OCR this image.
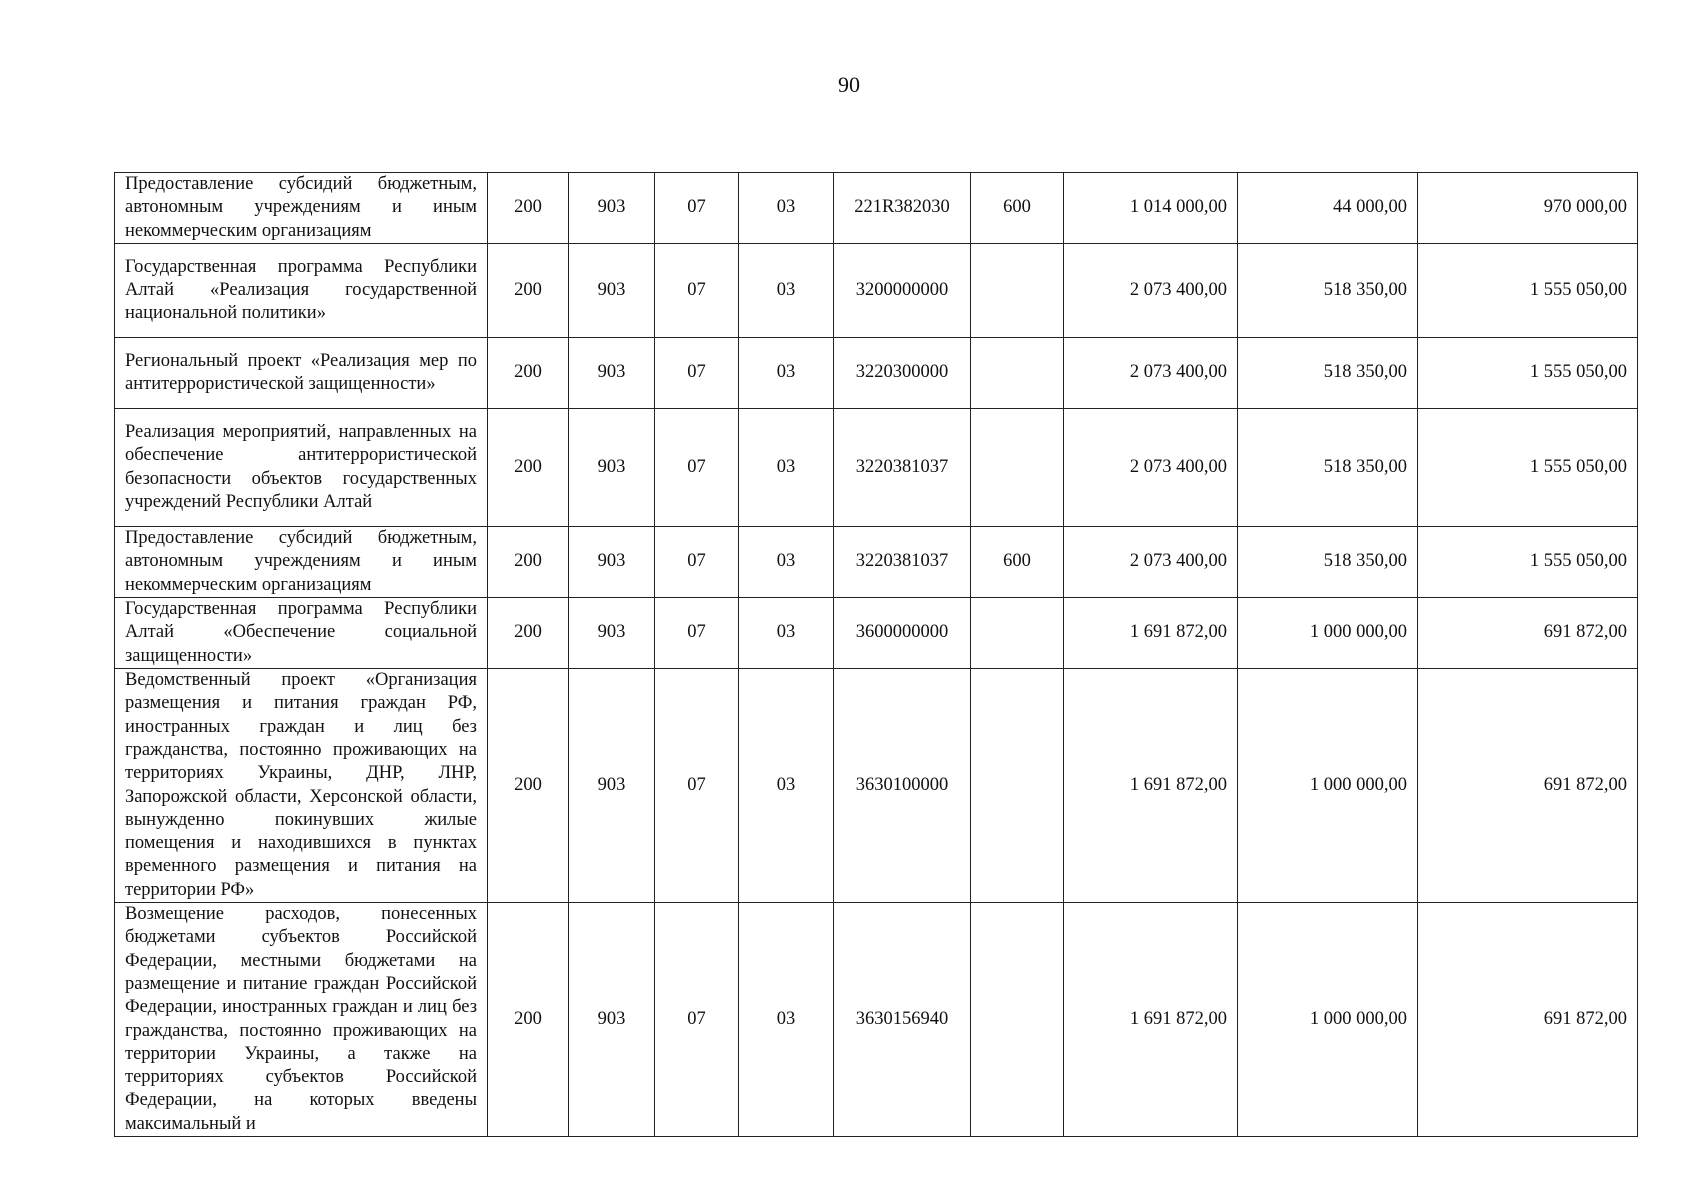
90
Предоставление субсидий бюджетным, автономным учреждениям и иным некоммерческим организациям	200	903	07	03	221R382030	600	1 014 000,00	44 000,00	970 000,00
Государственная программа Республики Алтай «Реализация государственной национальной политики»	200	903	07	03	3200000000		2 073 400,00	518 350,00	1 555 050,00
Региональный проект «Реализация мер по антитеррористической защищенности»	200	903	07	03	3220300000		2 073 400,00	518 350,00	1 555 050,00
Реализация мероприятий, направленных на обеспечение антитеррористической безопасности объектов государственных учреждений Республики Алтай	200	903	07	03	3220381037		2 073 400,00	518 350,00	1 555 050,00
Предоставление субсидий бюджетным, автономным учреждениям и иным некоммерческим организациям	200	903	07	03	3220381037	600	2 073 400,00	518 350,00	1 555 050,00
Государственная программа Республики Алтай «Обеспечение социальной защищенности»	200	903	07	03	3600000000		1 691 872,00	1 000 000,00	691 872,00
Ведомственный проект «Организация размещения и питания граждан РФ, иностранных граждан и лиц без гражданства, постоянно проживающих на территориях Украины, ДНР, ЛНР, Запорожской области, Херсонской области, вынужденно покинувших жилые помещения и находившихся в пунктах временного размещения и питания на территории РФ»	200	903	07	03	3630100000		1 691 872,00	1 000 000,00	691 872,00
Возмещение расходов, понесенных бюджетами субъектов Российской Федерации, местными бюджетами на размещение и питание граждан Российской Федерации, иностранных граждан и лиц без гражданства, постоянно проживающих на территории Украины, а также на территориях субъектов Российской Федерации, на которых введены максимальный и	200	903	07	03	3630156940		1 691 872,00	1 000 000,00	691 872,00
